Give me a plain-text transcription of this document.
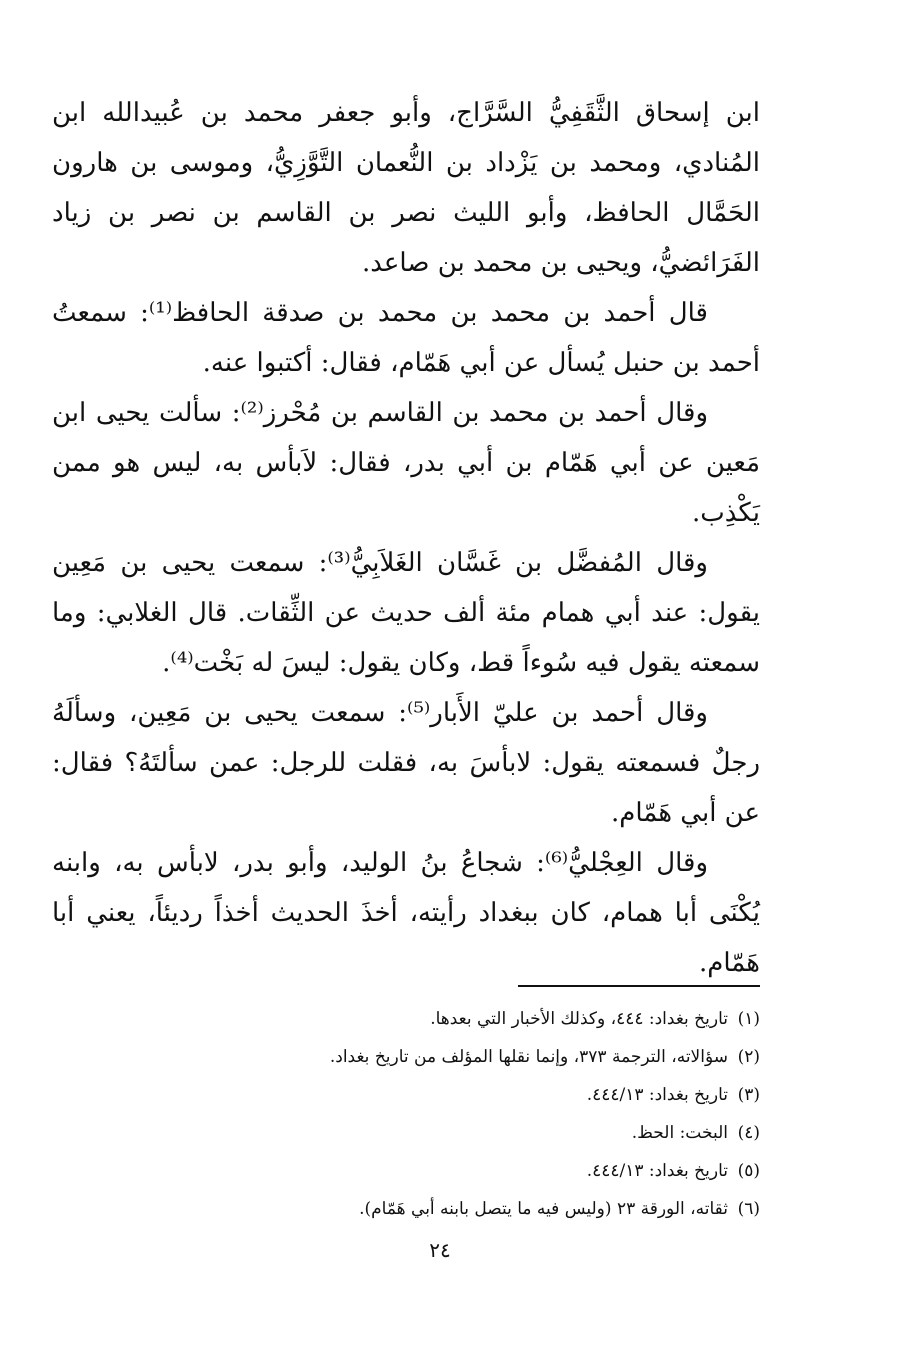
ابن إسحاق الثَّقَفِيُّ السَّرَّاج، وأبو جعفر محمد بن عُبيدالله ابن المُنادي، ومحمد بن يَزْداد بن النُّعمان التَّوَّزِيُّ، وموسى بن هارون الحَمَّال الحافظ، وأبو الليث نصر بن القاسم بن نصر بن زياد الفَرَائضيُّ، ويحيى بن محمد بن صاعد.

قال أحمد بن محمد بن محمد بن صدقة الحافظ⁽¹⁾: سمعتُ أحمد بن حنبل يُسأل عن أبي هَمّام، فقال: أكتبوا عنه.

وقال أحمد بن محمد بن القاسم بن مُحْرز⁽²⁾: سألت يحيى ابن مَعين عن أبي هَمّام بن أبي بدر، فقال: لاَبأس به، ليس هو ممن يَكْذِب.

وقال المُفضَّل بن غَسَّان الغَلاَبِيُّ⁽³⁾: سمعت يحيى بن مَعِين يقول: عند أبي همام مئة ألف حديث عن الثِّقات. قال الغلابي: وما سمعته يقول فيه سُوءاً قط، وكان يقول: ليسَ له بَخْت⁽⁴⁾.

وقال أحمد بن عليّ الأَبار⁽⁵⁾: سمعت يحيى بن مَعِين، وسألَهُ رجلٌ فسمعته يقول: لابأسَ به، فقلت للرجل: عمن سألتَهُ؟ فقال: عن أبي هَمّام.

وقال العِجْليُّ⁽⁶⁾: شجاعُ بنُ الوليد، وأبو بدر، لابأس به، وابنه يُكْنَى أبا همام، كان ببغداد رأيته، أخذَ الحديث أخذاً رديئاً، يعني أبا هَمّام.

(١)تاريخ بغداد: ٤٤٤، وكذلك الأخبار التي بعدها.
(٢)سؤالاته، الترجمة ٣٧٣، وإنما نقلها المؤلف من تاريخ بغداد.
(٣)تاريخ بغداد: ٤٤٤/١٣.
(٤)البخت: الحظ.
(٥)تاريخ بغداد: ٤٤٤/١٣.
(٦)ثقاته، الورقة ٢٣ (وليس فيه ما يتصل بابنه أبي هَمّام).
٢٤
